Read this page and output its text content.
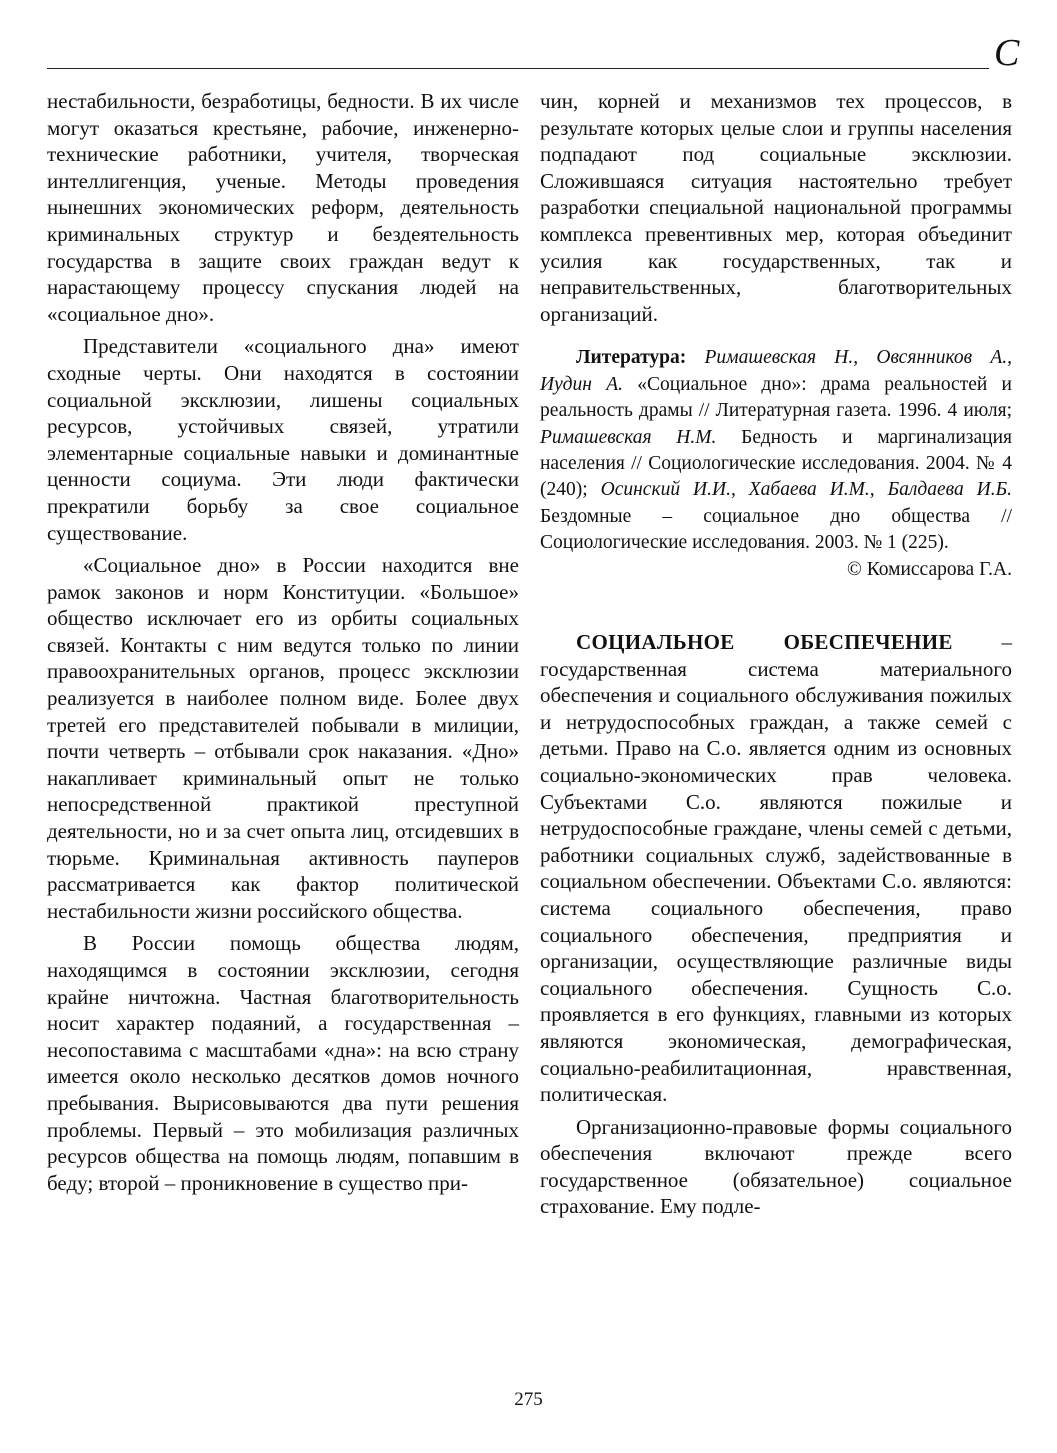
С

нестабильности, безработицы, бедности. В их числе могут оказаться крестьяне, рабочие, инженерно-технические работники, учителя, творческая интеллигенция, ученые. Методы проведения нынешних экономических реформ, деятельность криминальных структур и бездеятельность государства в защите своих граждан ведут к нарастающему процессу спускания людей на «социальное дно».

Представители «социального дна» имеют сходные черты. Они находятся в состоянии социальной эксклюзии, лишены социальных ресурсов, устойчивых связей, утратили элементарные социальные навыки и доминантные ценности социума. Эти люди фактически прекратили борьбу за свое социальное существование.

«Социальное дно» в России находится вне рамок законов и норм Конституции. «Большое» общество исключает его из орбиты социальных связей. Контакты с ним ведутся только по линии правоохранительных органов, процесс эксклюзии реализуется в наиболее полном виде. Более двух третей его представителей побывали в милиции, почти четверть – отбывали срок наказания. «Дно» накапливает криминальный опыт не только непосредственной практикой преступной деятельности, но и за счет опыта лиц, отсидевших в тюрьме. Криминальная активность пауперов рассматривается как фактор политической нестабильности жизни российского общества.

В России помощь общества людям, находящимся в состоянии эксклюзии, сегодня крайне ничтожна. Частная благотворительность носит характер подаяний, а государственная – несопоставима с масштабами «дна»: на всю страну имеется около несколько десятков домов ночного пребывания. Вырисовываются два пути решения проблемы. Первый – это мобилизация различных ресурсов общества на помощь людям, попавшим в беду; второй – проникновение в существо при-

чин, корней и механизмов тех процессов, в результате которых целые слои и группы населения подпадают под социальные эксклюзии. Сложившаяся ситуация настоятельно требует разработки специальной национальной программы комплекса превентивных мер, которая объединит усилия как государственных, так и неправительственных, благотворительных организаций.

Литература: Римашевская Н., Овсянников А., Иудин А. «Социальное дно»: драма реальностей и реальность драмы // Литературная газета. 1996. 4 июля; Римашевская Н.М. Бедность и маргинализация населения // Социологические исследования. 2004. № 4 (240); Осинский И.И., Хабаева И.М., Балдаева И.Б. Бездомные – социальное дно общества // Социологические исследования. 2003. № 1 (225).

© Комиссарова Г.А.

СОЦИАЛЬНОЕ ОБЕСПЕЧЕНИЕ – государственная система материального обеспечения и социального обслуживания пожилых и нетрудоспособных граждан, а также семей с детьми. Право на С.о. является одним из основных социально-экономических прав человека. Субъектами С.о. являются пожилые и нетрудоспособные граждане, члены семей с детьми, работники социальных служб, задействованные в социальном обеспечении. Объектами С.о. являются: система социального обеспечения, право социального обеспечения, предприятия и организации, осуществляющие различные виды социального обеспечения. Сущность С.о. проявляется в его функциях, главными из которых являются экономическая, демографическая, социально-реабилитационная, нравственная, политическая.

Организационно-правовые формы социального обеспечения включают прежде всего государственное (обязательное) социальное страхование. Ему подле-

275
